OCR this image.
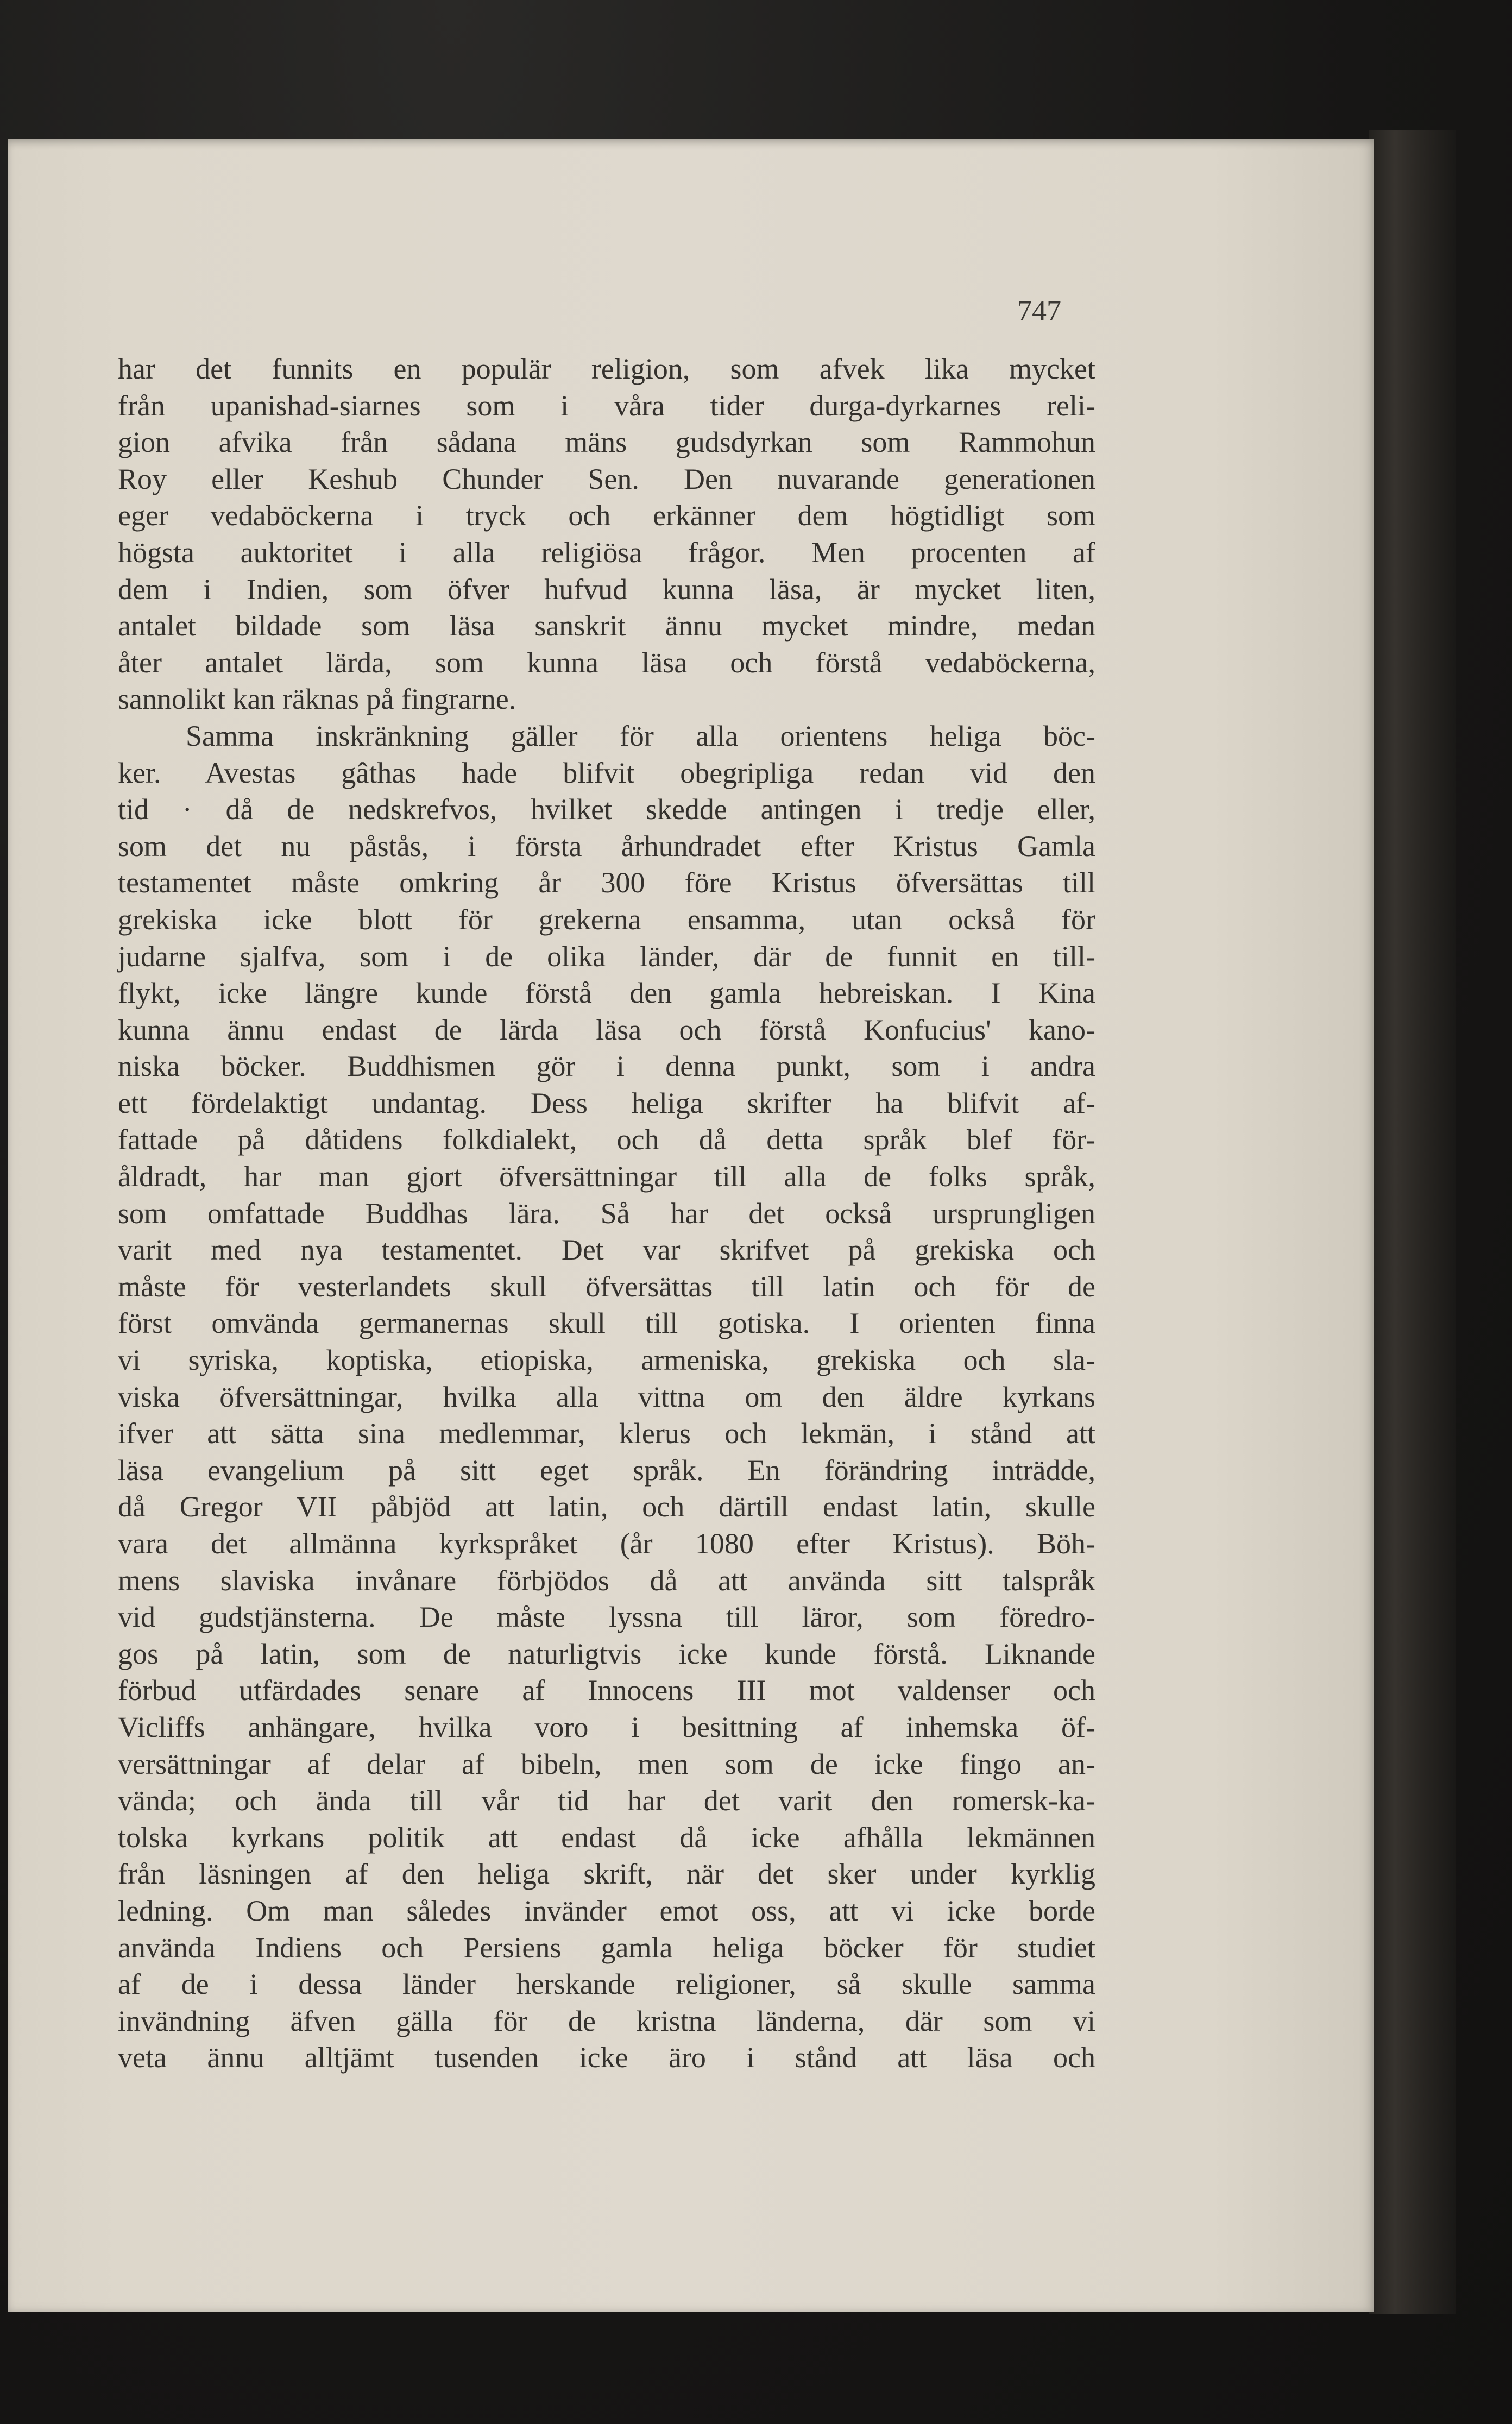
747
har det funnits en populär religion, som afvek lika mycket
från upanishad-siarnes som i våra tider durga-dyrkarnes reli-
gion afvika från sådana mäns gudsdyrkan som Rammohun
Roy eller Keshub Chunder Sen. Den nuvarande generationen
eger vedaböckerna i tryck och erkänner dem högtidligt som
högsta auktoritet i alla religiösa frågor. Men procenten af
dem i Indien, som öfver hufvud kunna läsa, är mycket liten,
antalet bildade som läsa sanskrit ännu mycket mindre, medan
åter antalet lärda, som kunna läsa och förstå vedaböckerna,
sannolikt kan räknas på fingrarne.
Samma inskränkning gäller för alla orientens heliga böc-
ker. Avestas gâthas hade blifvit obegripliga redan vid den
tid · då de nedskrefvos, hvilket skedde antingen i tredje eller,
som det nu påstås, i första århundradet efter Kristus Gamla
testamentet måste omkring år 300 före Kristus öfversättas till
grekiska icke blott för grekerna ensamma, utan också för
judarne sjalfva, som i de olika länder, där de funnit en till-
flykt, icke längre kunde förstå den gamla hebreiskan. I Kina
kunna ännu endast de lärda läsa och förstå Konfucius' kano-
niska böcker. Buddhismen gör i denna punkt, som i andra
ett fördelaktigt undantag. Dess heliga skrifter ha blifvit af-
fattade på dåtidens folkdialekt, och då detta språk blef för-
åldradt, har man gjort öfversättningar till alla de folks språk,
som omfattade Buddhas lära. Så har det också ursprungligen
varit med nya testamentet. Det var skrifvet på grekiska och
måste för vesterlandets skull öfversättas till latin och för de
först omvända germanernas skull till gotiska. I orienten finna
vi syriska, koptiska, etiopiska, armeniska, grekiska och sla-
viska öfversättningar, hvilka alla vittna om den äldre kyrkans
ifver att sätta sina medlemmar, klerus och lekmän, i stånd att
läsa evangelium på sitt eget språk. En förändring inträdde,
då Gregor VII påbjöd att latin, och därtill endast latin, skulle
vara det allmänna kyrkspråket (år 1080 efter Kristus). Böh-
mens slaviska invånare förbjödos då att använda sitt talspråk
vid gudstjänsterna. De måste lyssna till läror, som föredro-
gos på latin, som de naturligtvis icke kunde förstå. Liknande
förbud utfärdades senare af Innocens III mot valdenser och
Vicliffs anhängare, hvilka voro i besittning af inhemska öf-
versättningar af delar af bibeln, men som de icke fingo an-
vända; och ända till vår tid har det varit den romersk-ka-
tolska kyrkans politik att endast då icke afhålla lekmännen
från läsningen af den heliga skrift, när det sker under kyrklig
ledning. Om man således invänder emot oss, att vi icke borde
använda Indiens och Persiens gamla heliga böcker för studiet
af de i dessa länder herskande religioner, så skulle samma
invändning äfven gälla för de kristna länderna, där som vi
veta ännu alltjämt tusenden icke äro i stånd att läsa och
